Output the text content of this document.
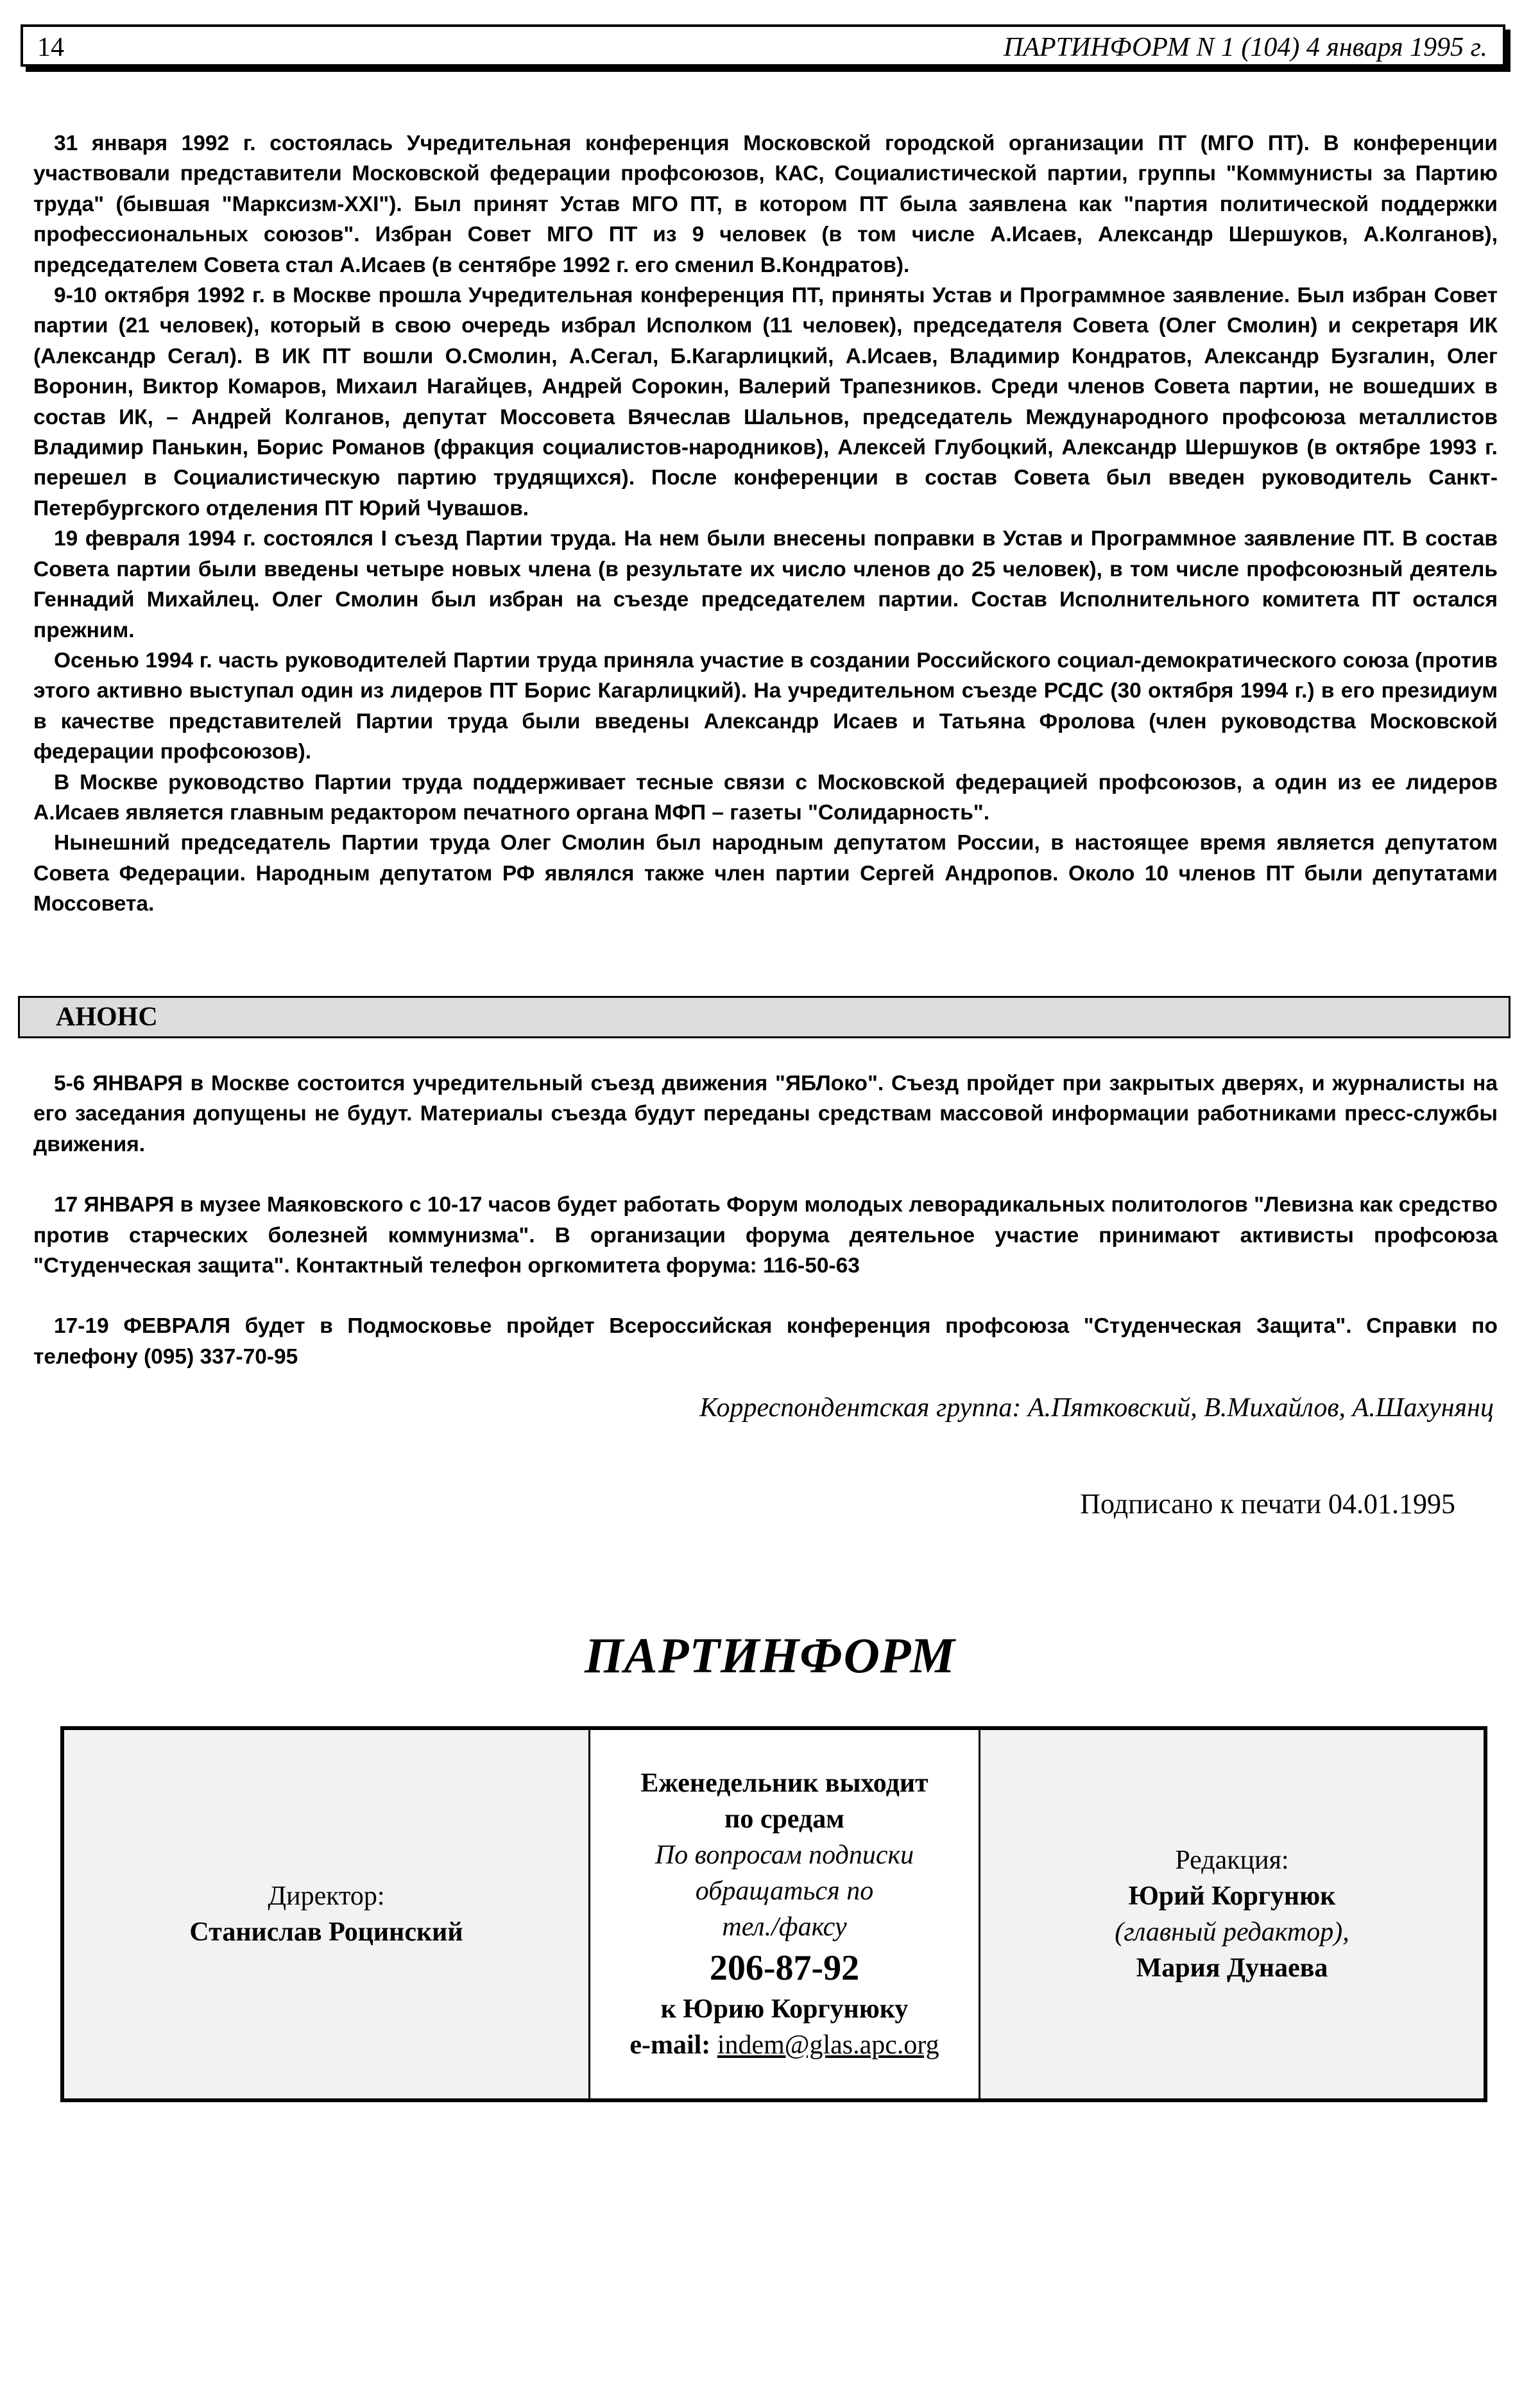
14	ПАРТИНФОРМ N 1 (104) 4 января 1995 г.

31 января 1992 г. состоялась Учредительная конференция Московской городской организации ПТ (МГО ПТ). В конференции участвовали представители Московской федерации профсоюзов, КАС, Социалистической партии, группы "Коммунисты за Партию труда" (бывшая "Марксизм-XXI"). Был принят Устав МГО ПТ, в котором ПТ была заявлена как "партия политической поддержки профессиональных союзов". Избран Совет МГО ПТ из 9 человек (в том числе А.Исаев, Александр Шершуков, А.Колганов), председателем Совета стал А.Исаев (в сентябре 1992 г. его сменил В.Кондратов).

9-10 октября 1992 г. в Москве прошла Учредительная конференция ПТ, приняты Устав и Программное заявление. Был избран Совет партии (21 человек), который в свою очередь избрал Исполком (11 человек), председателя Совета (Олег Смолин) и секретаря ИК (Александр Сегал). В ИК ПТ вошли О.Смолин, А.Сегал, Б.Кагарлицкий, А.Исаев, Владимир Кондратов, Александр Бузгалин, Олег Воронин, Виктор Комаров, Михаил Нагайцев, Андрей Сорокин, Валерий Трапезников. Среди членов Совета партии, не вошедших в состав ИК, – Андрей Колганов, депутат Моссовета Вячеслав Шальнов, председатель Международного профсоюза металлистов Владимир Панькин, Борис Романов (фракция социалистов-народников), Алексей Глубоцкий, Александр Шершуков (в октябре 1993 г. перешел в Социалистическую партию трудящихся). После конференции в состав Совета был введен руководитель Санкт-Петербургского отделения ПТ Юрий Чувашов.

19 февраля 1994 г. состоялся I съезд Партии труда. На нем были внесены поправки в Устав и Программное заявление ПТ. В состав Совета партии были введены четыре новых члена (в результате их число членов до 25 человек), в том числе профсоюзный деятель Геннадий Михайлец. Олег Смолин был избран на съезде председателем партии. Состав Исполнительного комитета ПТ остался прежним.

Осенью 1994 г. часть руководителей Партии труда приняла участие в создании Российского социал-демократического союза (против этого активно выступал один из лидеров ПТ Борис Кагарлицкий). На учредительном съезде РСДС (30 октября 1994 г.) в его президиум в качестве представителей Партии труда были введены Александр Исаев и Татьяна Фролова (член руководства Московской федерации профсоюзов).

В Москве руководство Партии труда поддерживает тесные связи с Московской федерацией профсоюзов, а один из ее лидеров А.Исаев является главным редактором печатного органа МФП – газеты "Солидарность".

Нынешний председатель Партии труда Олег Смолин был народным депутатом России, в настоящее время является депутатом Совета Федерации. Народным депутатом РФ являлся также член партии Сергей Андропов. Около 10 членов ПТ были депутатами Моссовета.

АНОНС

5-6 ЯНВАРЯ в Москве состоится учредительный съезд движения "ЯБЛоко". Съезд пройдет при закрытых дверях, и журналисты на его заседания допущены не будут. Материалы съезда будут переданы средствам массовой информации работниками пресс-службы движения.

17 ЯНВАРЯ в музее Маяковского с 10-17 часов будет работать Форум молодых леворадикальных политологов "Левизна как средство против старческих болезней коммунизма". В организации форума деятельное участие принимают активисты профсоюза "Студенческая защита". Контактный телефон оргкомитета форума: 116-50-63

17-19 ФЕВРАЛЯ будет в Подмосковье пройдет Всероссийская конференция профсоюза "Студенческая Защита". Справки по телефону (095) 337-70-95

Корреспондентская группа: А.Пятковский, В.Михайлов, А.Шахунянц
Подписано к печати 04.01.1995
ПАРТИНФОРМ
Директор:
Станислав Роцинский
Еженедельник выходит
по средам
По вопросам подписки
обращаться по
тел./факсу
206-87-92
к Юрию Коргунюку
e-mail: indem@glas.apc.org
Редакция:
Юрий Коргунюк
(главный редактор),
Мария Дунаева
